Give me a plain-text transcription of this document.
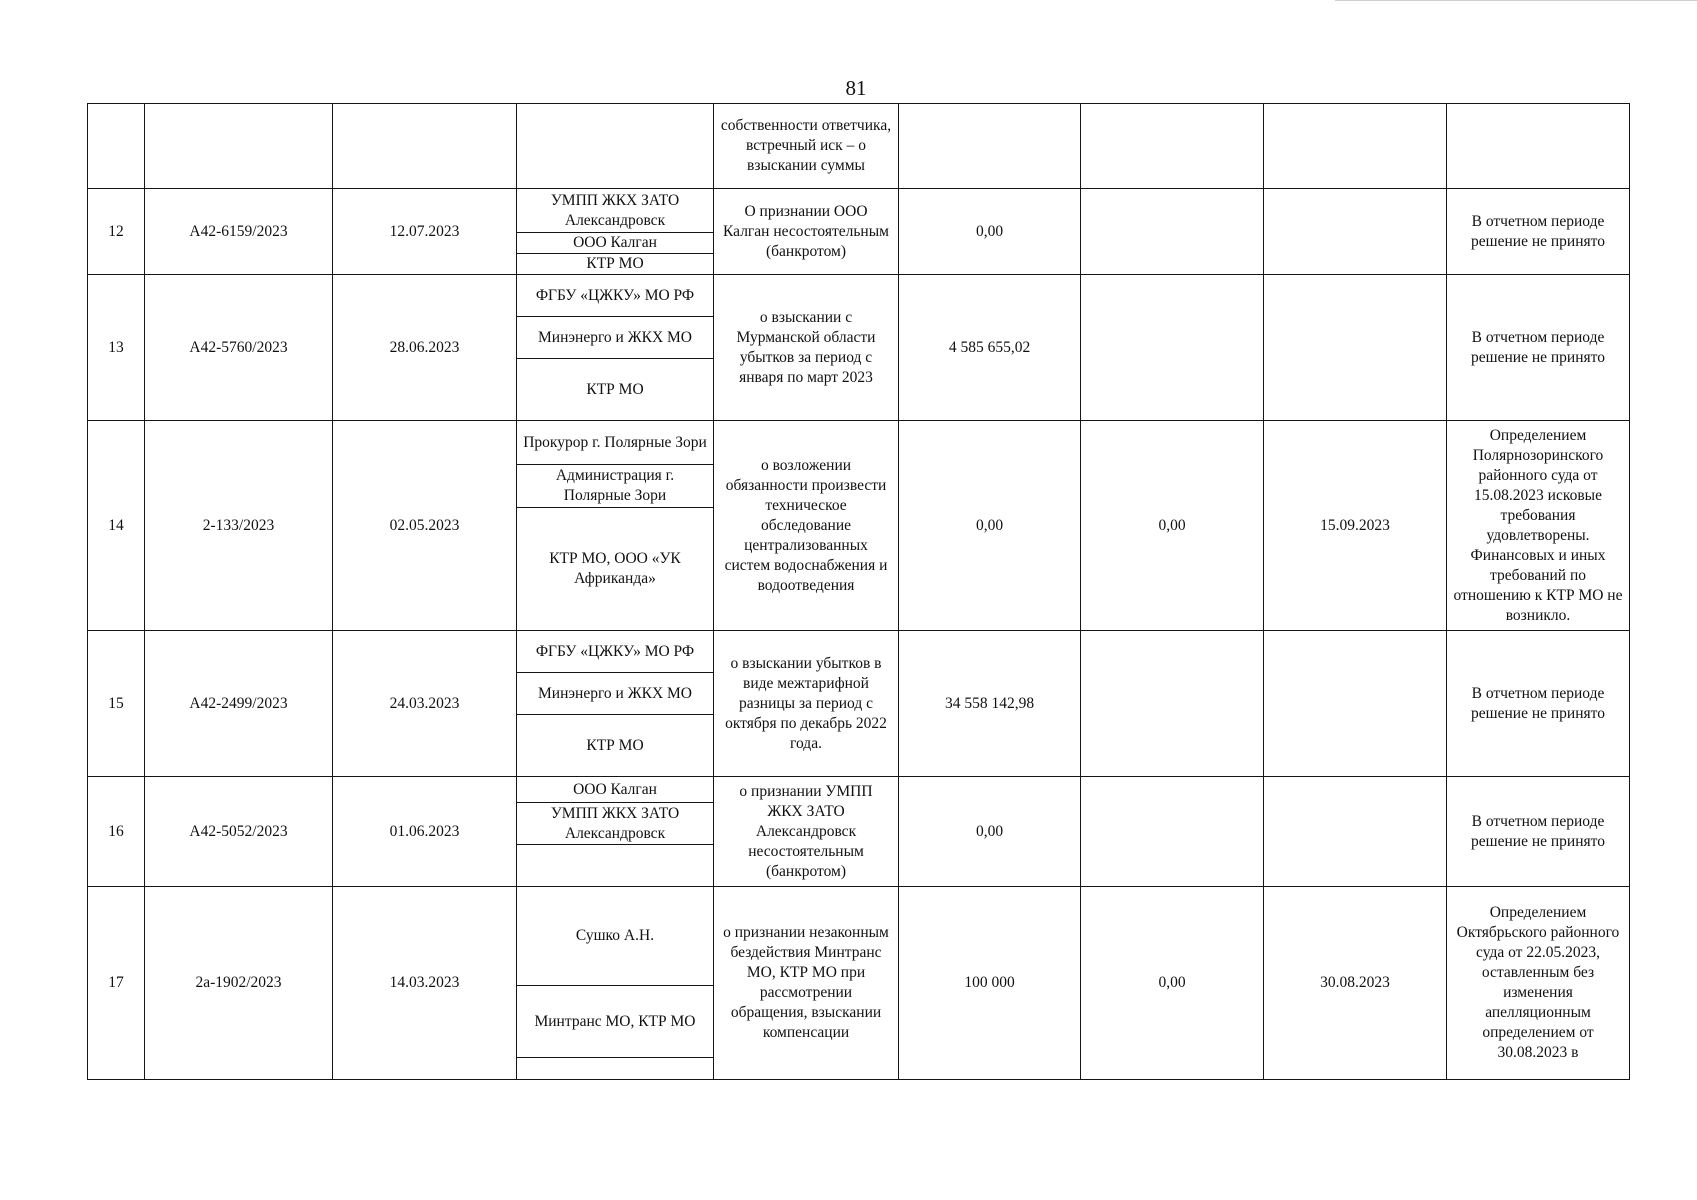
81
				собственности ответчика, встречный иск – о взыскании суммы				
12	А42-6159/2023	12.07.2023	УМПП ЖКХ ЗАТО Александровск	О признании ООО Калган несостоятельным (банкротом)	0,00			В отчетном периоде решение не принято
			ООО Калган					
			КТР МО					
13	А42-5760/2023	28.06.2023	ФГБУ «ЦЖКУ» МО РФ	о взыскании с Мурманской области убытков за период с января по март 2023	4 585 655,02			В отчетном периоде решение не принято
			Минэнерго и ЖКХ МО					
			КТР МО					
14	2-133/2023	02.05.2023	Прокурор г. Полярные Зори	о возложении обязанности произвести техническое обследование централизованных систем водоснабжения и водоотведения	0,00	0,00	15.09.2023	Определением Полярнозоринского районного суда от 15.08.2023 исковые требования удовлетворены. Финансовых и иных требований по отношению к КТР МО не возникло.
			Администрация г. Полярные Зори					
			КТР МО, ООО «УК Африканда»					
15	А42-2499/2023	24.03.2023	ФГБУ «ЦЖКУ» МО РФ	о взыскании убытков в виде межтарифной разницы за период с октября по декабрь 2022 года.	34 558 142,98			В отчетном периоде решение не принято
			Минэнерго и ЖКХ МО					
			КТР МО					
16	А42-5052/2023	01.06.2023	ООО Калган	о признании УМПП ЖКХ ЗАТО Александровск несостоятельным (банкротом)	0,00			В отчетном периоде решение не принято
			УМПП ЖКХ ЗАТО Александровск					

17	2а-1902/2023	14.03.2023	Сушко А.Н.	о признании незаконным бездействия Минтранс МО, КТР МО при рассмотрении обращения, взыскании компенсации	100 000	0,00	30.08.2023	Определением Октябрьского районного суда от 22.05.2023, оставленным без изменения апелляционным определением от 30.08.2023 в
			Минтранс МО, КТР МО					
